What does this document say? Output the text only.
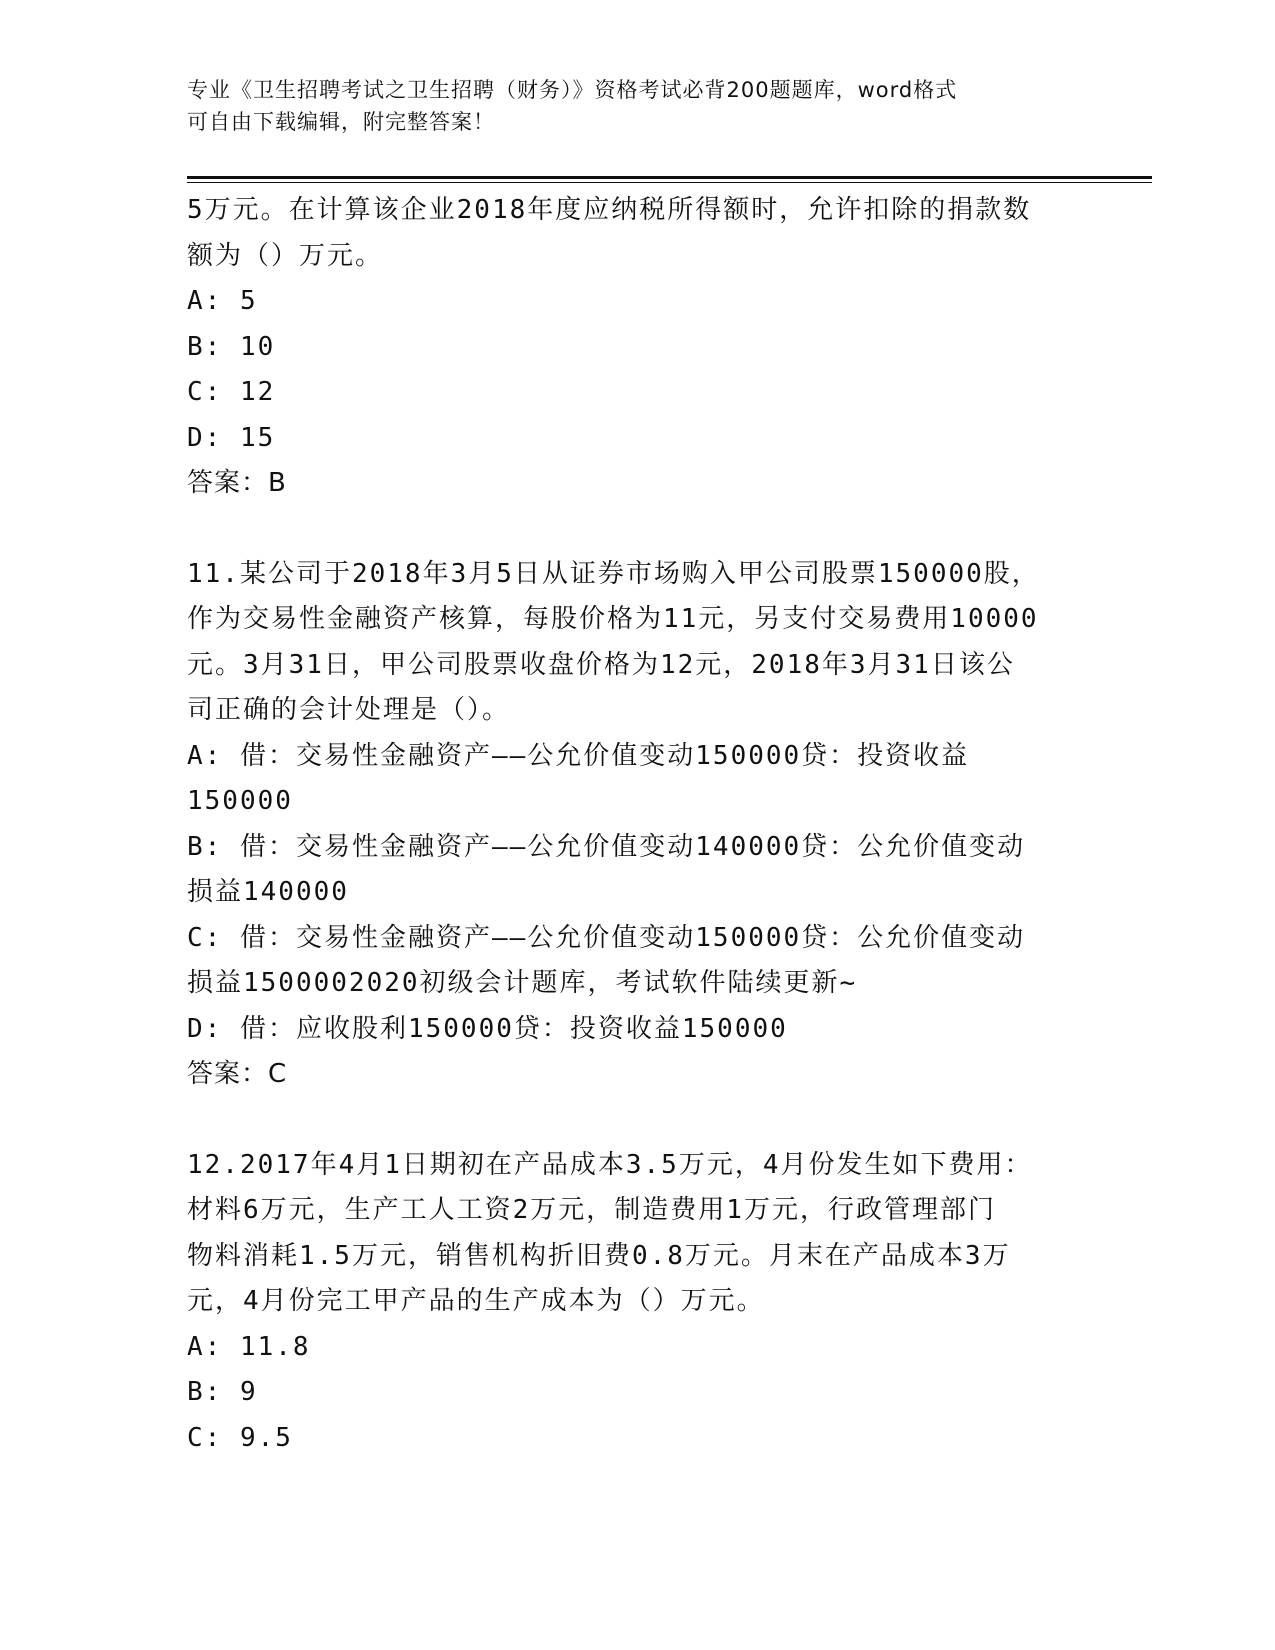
专业《卫生招聘考试之卫生招聘（财务）》资格考试必背200题题库，word格式
可自由下载编辑，附完整答案！
5万元。在计算该企业2018年度应纳税所得额时，允许扣除的捐款数
额为（）万元。
A: 5
B: 10
C: 12
D: 15
答案：B
11.某公司于2018年3月5日从证券市场购入甲公司股票150000股，
作为交易性金融资产核算，每股价格为11元，另支付交易费用10000
元。3月31日，甲公司股票收盘价格为12元，2018年3月31日该公
司正确的会计处理是（）。
A: 借：交易性金融资产——公允价值变动150000贷：投资收益
150000
B: 借：交易性金融资产——公允价值变动140000贷：公允价值变动
损益140000
C: 借：交易性金融资产——公允价值变动150000贷：公允价值变动
损益1500002020初级会计题库，考试软件陆续更新~
D: 借：应收股利150000贷：投资收益150000
答案：C
12.2017年4月1日期初在产品成本3.5万元，4月份发生如下费用：
材料6万元，生产工人工资2万元，制造费用1万元，行政管理部门
物料消耗1.5万元，销售机构折旧费0.8万元。月末在产品成本3万
元，4月份完工甲产品的生产成本为（）万元。
A: 11.8
B: 9
C: 9.5
